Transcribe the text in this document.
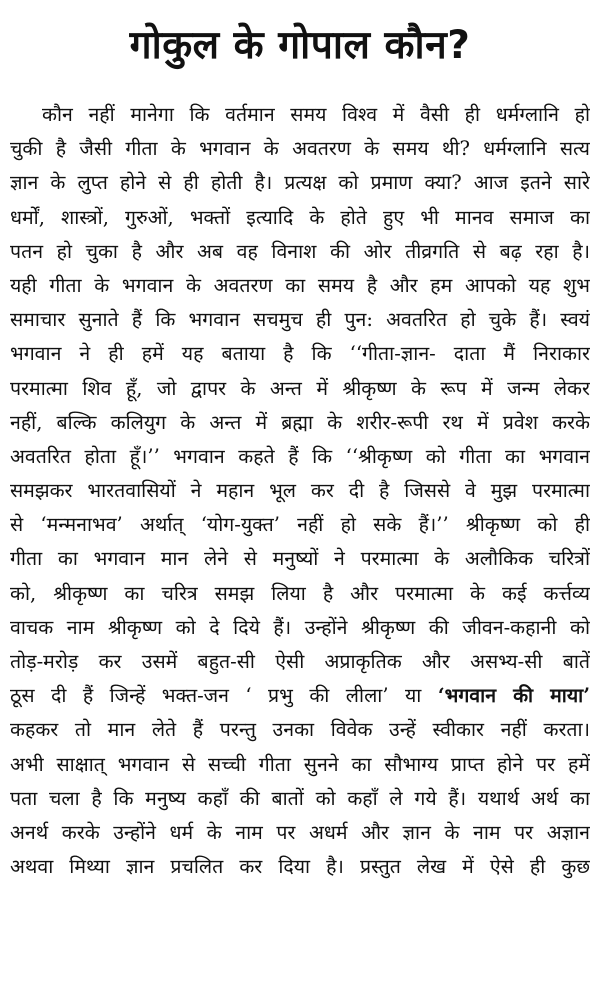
गोकुल के गोपाल कौन?
कौन नहीं मानेगा कि वर्तमान समय विश्व में वैसी ही धर्मग्लानि हो
चुकी है जैसी गीता के भगवान के अवतरण के समय थी? धर्मग्लानि सत्य
ज्ञान के लुप्त होने से ही होती है। प्रत्यक्ष को प्रमाण क्या? आज इतने सारे
धर्मों, शास्त्रों, गुरुओं, भक्तों इत्यादि के होते हुए भी मानव समाज का
पतन हो चुका है और अब वह विनाश की ओर तीव्रगति से बढ़ रहा है।
यही गीता के भगवान के अवतरण का समय है और हम आपको यह शुभ
समाचार सुनाते हैं कि भगवान सचमुच ही पुन: अवतरित हो चुके हैं। स्वयं
भगवान ने ही हमें यह बताया है कि ‘‘गीता-ज्ञान- दाता मैं निराकार
परमात्मा शिव हूँ, जो द्वापर के अन्त में श्रीकृष्ण के रूप में जन्म लेकर
नहीं, बल्कि कलियुग के अन्त में ब्रह्मा के शरीर-रूपी रथ में प्रवेश करके
अवतरित होता हूँ।’’ भगवान कहते हैं कि ‘‘श्रीकृष्ण को गीता का भगवान
समझकर भारतवासियों ने महान भूल कर दी है जिससे वे मुझ परमात्मा
से ‘मन्मनाभव’ अर्थात् ‘योग-युक्त’ नहीं हो सके हैं।’’ श्रीकृष्ण को ही
गीता का भगवान मान लेने से मनुष्यों ने परमात्मा के अलौकिक चरित्रों
को, श्रीकृष्ण का चरित्र समझ लिया है और परमात्मा के कई कर्त्तव्य
वाचक नाम श्रीकृष्ण को दे दिये हैं। उन्होंने श्रीकृष्ण की जीवन-कहानी को
तोड़-मरोड़ कर उसमें बहुत-सी ऐसी अप्राकृतिक और असभ्य-सी बातें
ठूस दी हैं जिन्हें भक्त-जन ‘ प्रभु की लीला’ या ‘भगवान की माया’
कहकर तो मान लेते हैं परन्तु उनका विवेक उन्हें स्वीकार नहीं करता।
अभी साक्षात् भगवान से सच्ची गीता सुनने का सौभाग्य प्राप्त होने पर हमें
पता चला है कि मनुष्य कहाँ की बातों को कहाँ ले गये हैं। यथार्थ अर्थ का
अनर्थ करके उन्होंने धर्म के नाम पर अधर्म और ज्ञान के नाम पर अज्ञान
अथवा मिथ्या ज्ञान प्रचलित कर दिया है। प्रस्तुत लेख में ऐसे ही कुछ
